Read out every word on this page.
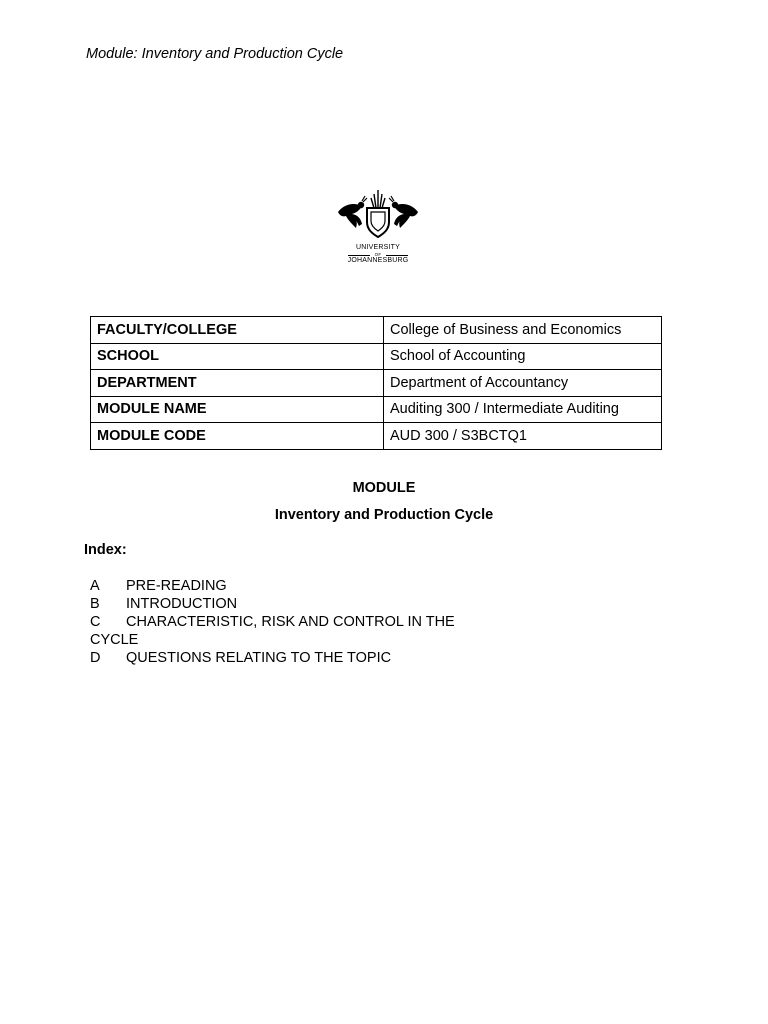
Module: Inventory and Production Cycle
UNIVERSITY
OF
JOHANNESBURG
FACULTY/COLLEGE	College of Business and Economics
SCHOOL	School of Accounting
DEPARTMENT	Department of Accountancy
MODULE NAME	Auditing 300 / Intermediate Auditing
MODULE CODE	AUD 300 / S3BCTQ1
MODULE
Inventory and Production Cycle
Index:

A PRE-READING

B INTRODUCTION

C CHARACTERISTIC, RISK AND CONTROL IN THE CYCLE

D QUESTIONS RELATING TO THE TOPIC
